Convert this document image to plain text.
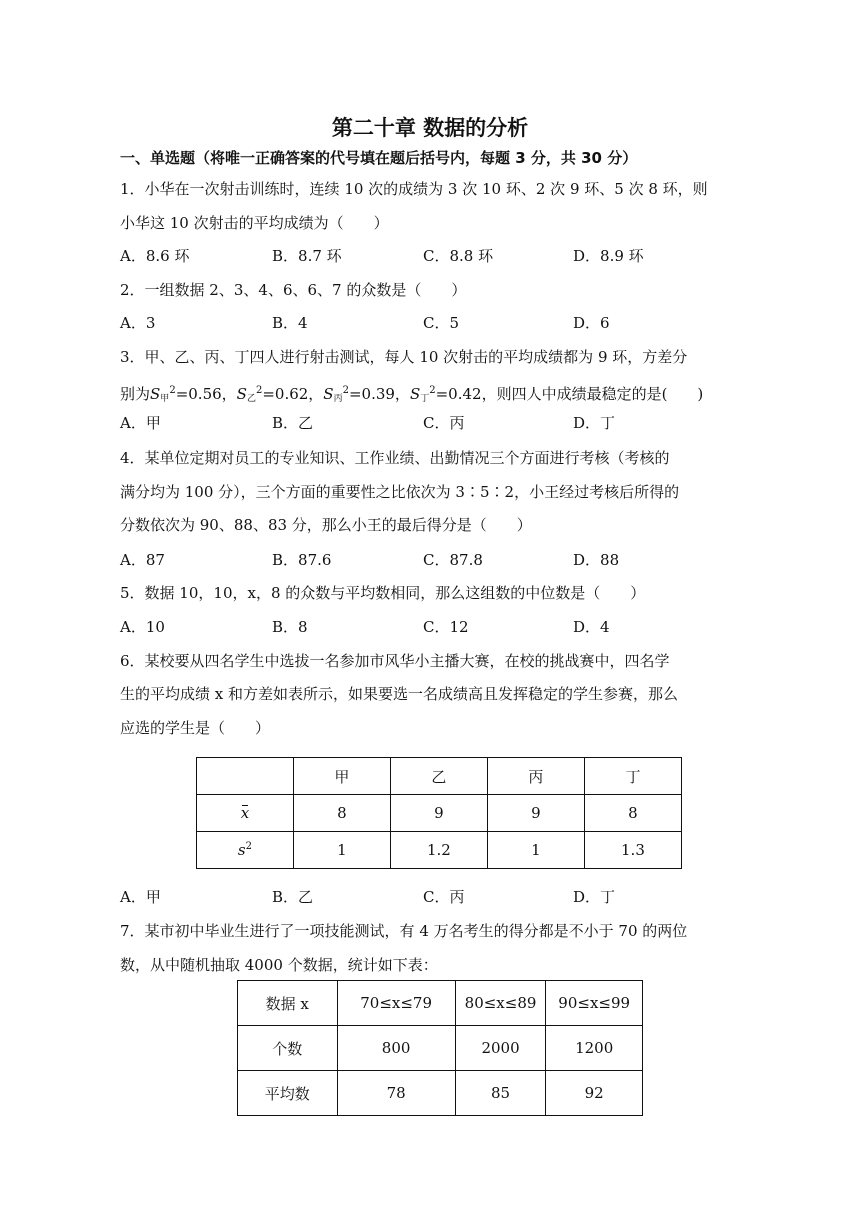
第二十章 数据的分析
一、单选题（将唯一正确答案的代号填在题后括号内，每题 3 分，共 30 分）
1．小华在一次射击训练时，连续 10 次的成绩为 3 次 10 环、2 次 9 环、5 次 8 环，则
小华这 10 次射击的平均成绩为（　　）
A．8.6 环	B．8.7 环	C．8.8 环	D．8.9 环
2．一组数据 2、3、4、6、6、7 的众数是（　　）
A．3	B．4	C．5	D．6
3．甲、乙、丙、丁四人进行射击测试，每人 10 次射击的平均成绩都为 9 环，方差分
别为$S_甲^2=0.56$，$S_乙^2=0.62$，$S_丙^2=0.39$，$S_丁^2=0.42$，则四人中成绩最稳定的是(　　)
A．甲	B．乙	C．丙	D．丁
4．某单位定期对员工的专业知识、工作业绩、出勤情况三个方面进行考核（考核的
满分均为 100 分），三个方面的重要性之比依次为 3∶5∶2，小王经过考核后所得的
分数依次为 90、88、83 分，那么小王的最后得分是（　　）
A．87	B．87.6	C．87.8	D．88
5．数据 10，10，x，8 的众数与平均数相同，那么这组数的中位数是（　　）
A．10	B．8	C．12	D．4
6．某校要从四名学生中选拔一名参加市风华小主播大赛，在校的挑战赛中，四名学
生的平均成绩 x 和方差如表所示，如果要选一名成绩高且发挥稳定的学生参赛，那么
应选的学生是（　　）
	甲	乙	丙	丁
x	8	9	9	8
$s^2$	1	1.2	1	1.3
A．甲	B．乙	C．丙	D．丁
7．某市初中毕业生进行了一项技能测试，有 4 万名考生的得分都是不小于 70 的两位
数，从中随机抽取 4000 个数据，统计如下表：
数据 x	70≤x≤79	80≤x≤89	90≤x≤99
个数	800	2000	1200
平均数	78	85	92
